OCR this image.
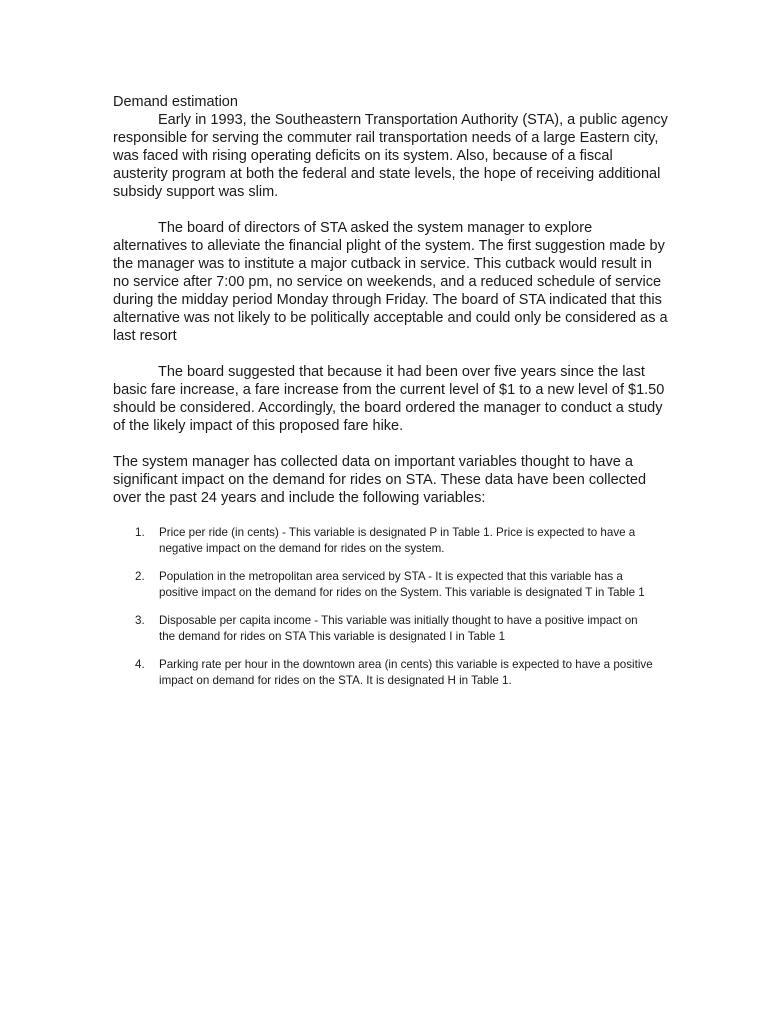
Demand estimation

Early in 1993, the Southeastern Transportation Authority (STA), a public agency responsible for serving the commuter rail transportation needs of a large Eastern city, was faced with rising operating deficits on its system. Also, because of a fiscal austerity program at both the federal and state levels, the hope of receiving additional subsidy support was slim.

The board of directors of STA asked the system manager to explore alternatives to alleviate the financial plight of the system. The first suggestion made by the manager was to institute a major cutback in service. This cutback would result in no service after 7:00 pm, no service on weekends, and a reduced schedule of service during the midday period Monday through Friday. The board of STA indicated that this alternative was not likely to be politically acceptable and could only be considered as a last resort

The board suggested that because it had been over five years since the last basic fare increase, a fare increase from the current level of $1 to a new level of $1.50 should be considered. Accordingly, the board ordered the manager to conduct a study of the likely impact of this proposed fare hike.

The system manager has collected data on important variables thought to have a significant impact on the demand for rides on STA. These data have been collected over the past 24 years and include the following variables:

1.	Price per ride (in cents) - This variable is designated P in Table 1. Price is expected to have a negative impact on the demand for rides on the system.
2.	Population in the metropolitan area serviced by STA - It is expected that this variable has a positive impact on the demand for rides on the System. This variable is designated T in Table 1
3.	Disposable per capita income - This variable was initially thought to have a positive impact on the demand for rides on STA This variable is designated I in Table 1
4.	Parking rate per hour in the downtown area (in cents) this variable is expected to have a positive impact on demand for rides on the STA. It is designated H in Table 1.
